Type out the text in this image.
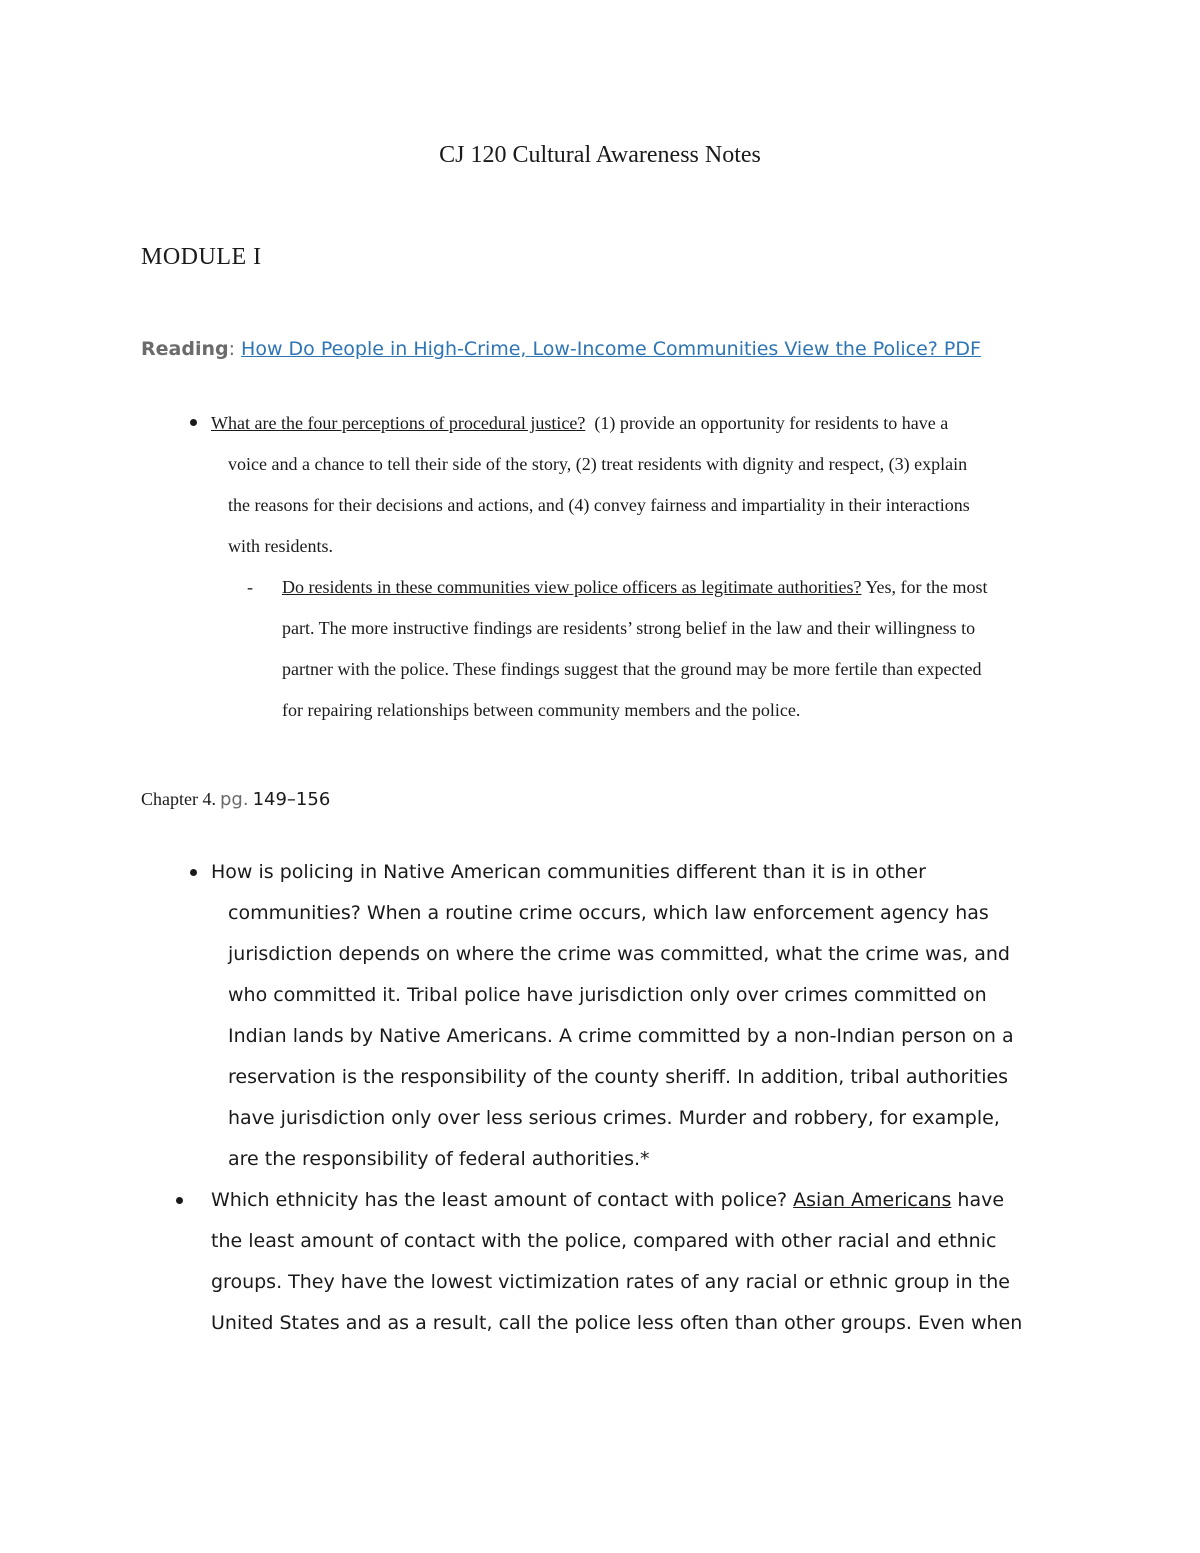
CJ 120 Cultural Awareness Notes
MODULE I
Reading: How Do People in High-Crime, Low-Income Communities View the Police? PDF
What are the four perceptions of procedural justice? (1) provide an opportunity for residents to have a
voice and a chance to tell their side of the story, (2) treat residents with dignity and respect, (3) explain
the reasons for their decisions and actions, and (4) convey fairness and impartiality in their interactions
with residents.
- Do residents in these communities view police officers as legitimate authorities? Yes, for the most
part. The more instructive findings are residents’ strong belief in the law and their willingness to
partner with the police. These findings suggest that the ground may be more fertile than expected
for repairing relationships between community members and the police.
Chapter 4. pg. 149–156
How is policing in Native American communities different than it is in other
communities? When a routine crime occurs, which law enforcement agency has
jurisdiction depends on where the crime was committed, what the crime was, and
who committed it. Tribal police have jurisdiction only over crimes committed on
Indian lands by Native Americans. A crime committed by a non-Indian person on a
reservation is the responsibility of the county sheriff. In addition, tribal authorities
have jurisdiction only over less serious crimes. Murder and robbery, for example,
are the responsibility of federal authorities.*
Which ethnicity has the least amount of contact with police? Asian Americans have
the least amount of contact with the police, compared with other racial and ethnic
groups. They have the lowest victimization rates of any racial or ethnic group in the
United States and as a result, call the police less often than other groups. Even when
